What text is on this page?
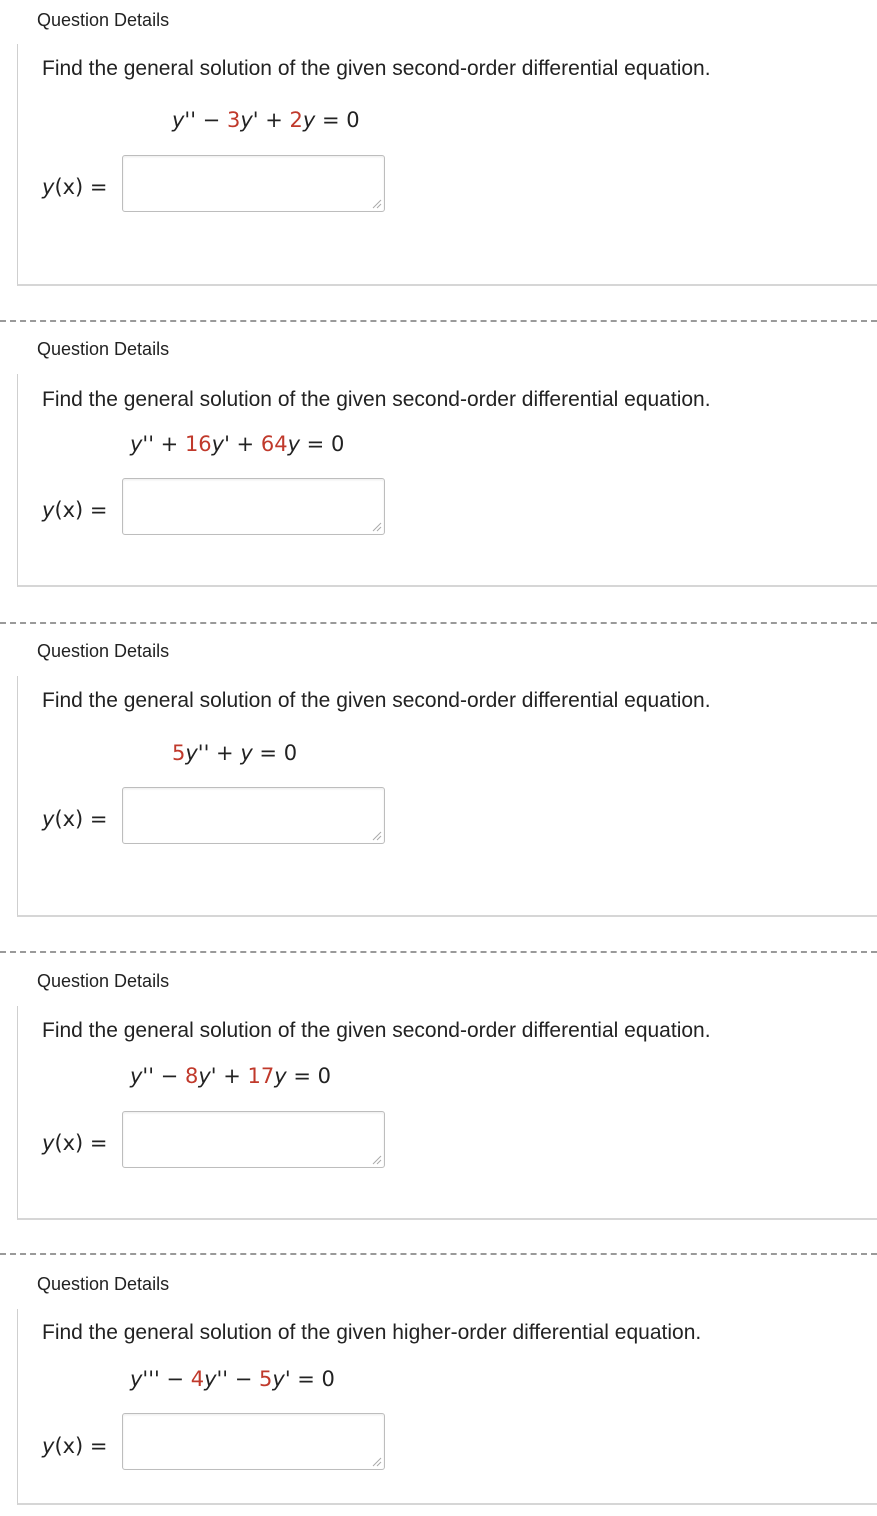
Question Details
Find the general solution of the given second-order differential equation.
y'' − 3y' + 2y = 0
y(x) =
Question Details
Find the general solution of the given second-order differential equation.
y'' + 16y' + 64y = 0
y(x) =
Question Details
Find the general solution of the given second-order differential equation.
5y'' + y = 0
y(x) =
Question Details
Find the general solution of the given second-order differential equation.
y'' − 8y' + 17y = 0
y(x) =
Question Details
Find the general solution of the given higher-order differential equation.
y''' − 4y'' − 5y' = 0
y(x) =
